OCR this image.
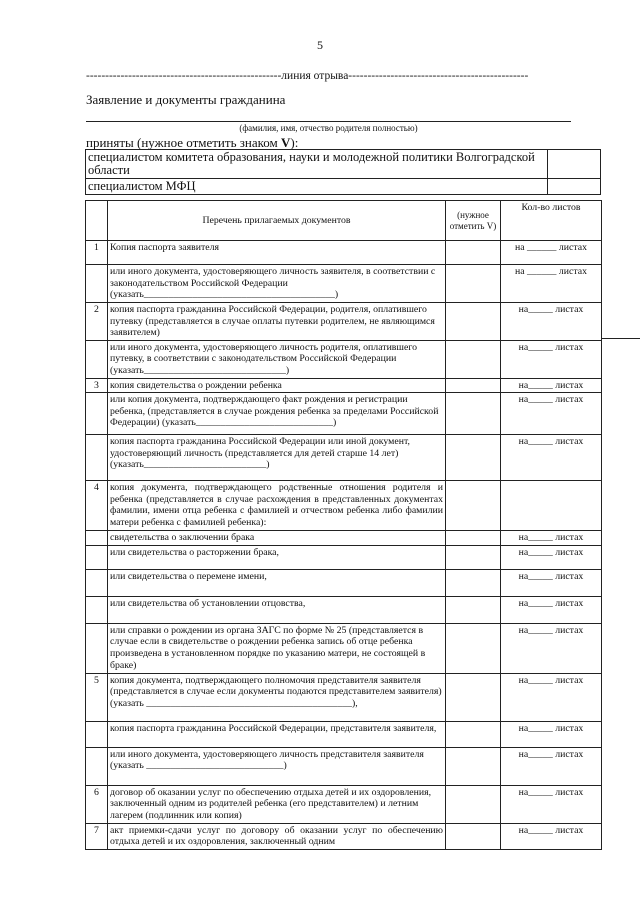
5
---------------------------------------------------линия отрыва-----------------------------------------------
Заявление и документы гражданина
(фамилия, имя, отчество родителя полностью)
приняты (нужное отметить знаком V):
специалистом комитета образования, науки и молодежной политики Волгоградской области	
специалистом МФЦ	
	Перечень прилагаемых документов	(нужное отметить V)	Кол-во листов
1	Копия паспорта заявителя		на ______ листах
	или иного документа, удостоверяющего личность заявителя, в соответствии с законодательством Российской Федерации (указать_______________________________________)		на ______ листах
2	копия паспорта гражданина Российской Федерации, родителя, оплатившего путевку (представляется в случае оплаты путевки родителем, не являющимся заявителем)		на_____ листах
	или иного документа, удостоверяющего личность родителя, оплатившего путевку, в соответствии с законодательством Российской Федерации (указать_____________________________)		на_____ листах
3	копия свидетельства о рождении ребенка		на_____ листах
	или копия документа, подтверждающего факт рождения и регистрации ребенка, (представляется в случае рождения ребенка за пределами Российской Федерации) (указать____________________________)		на_____ листах
	копия паспорта гражданина Российской Федерации или иной документ, удостоверяющий личность (представляется для детей старше 14 лет) (указать_________________________)		на_____ листах
4	копия документа, подтверждающего родственные отношения родителя и ребенка (представляется в случае расхождения в представленных документах фамилии, имени отца ребенка с фамилией и отчеством ребенка либо фамилии матери ребенка с фамилией ребенка):		
	свидетельства о заключении брака		на_____ листах
	или свидетельства о расторжении брака,		на_____ листах
	или свидетельства о перемене имени,		на_____ листах
	или свидетельства об установлении отцовства,		на_____ листах
	или справки о рождении из органа ЗАГС по форме № 25 (представляется в случае если в свидетельстве о рождении ребенка запись об отце ребенка произведена в установленном порядке по указанию матери, не состоящей в браке)		на_____ листах
5	копия документа, подтверждающего полномочия представителя заявителя (представляется в случае если документы подаются представителем заявителя) (указать __________________________________________),		на_____ листах
	копия паспорта гражданина Российской Федерации, представителя заявителя,		на_____ листах
	или иного документа, удостоверяющего личность представителя заявителя (указать ____________________________)		на_____ листах
6	договор об оказании услуг по обеспечению отдыха детей и их оздоровления, заключенный одним из родителей ребенка (его представителем) и летним лагерем (подлинник или копия)		на_____ листах
7	акт приемки-сдачи услуг по договору об оказании услуг по обеспечению отдыха детей и их оздоровления, заключенный одним		на_____ листах
